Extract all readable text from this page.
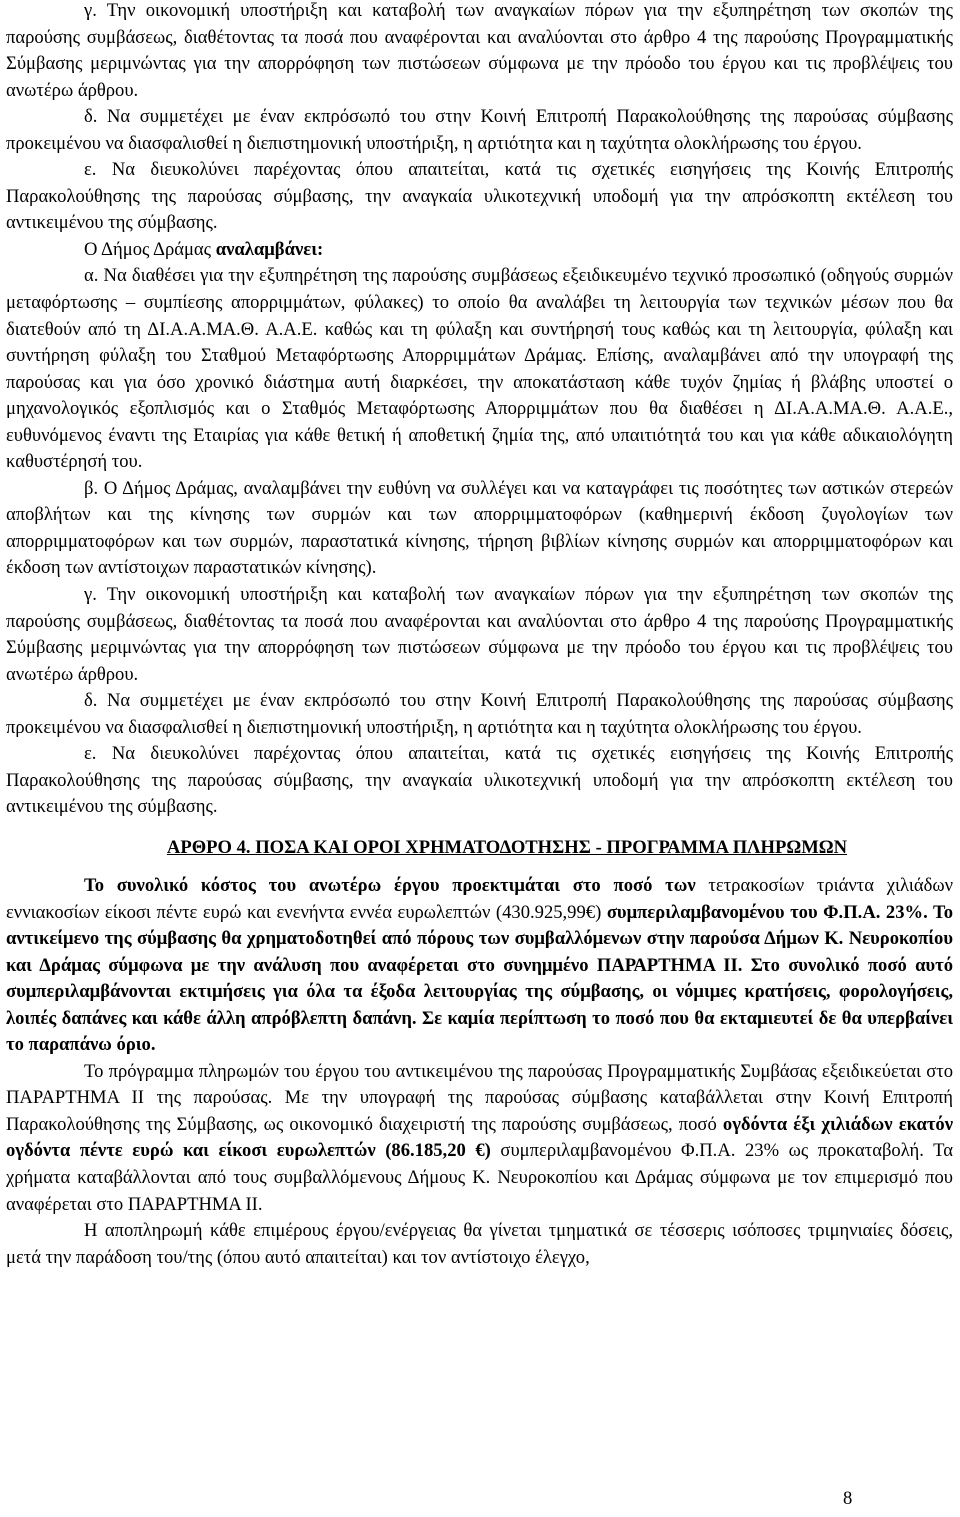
γ. Την οικονομική υποστήριξη και καταβολή των αναγκαίων πόρων για την εξυπηρέτηση των σκοπών της παρούσης συμβάσεως, διαθέτοντας τα ποσά που αναφέρονται και αναλύονται στο άρθρο 4 της παρούσης Προγραμματικής Σύμβασης μεριμνώντας για την απορρόφηση των πιστώσεων σύμφωνα με την πρόοδο του έργου και τις προβλέψεις του ανωτέρω άρθρου.

δ. Να συμμετέχει με έναν εκπρόσωπό του στην Κοινή Επιτροπή Παρακολούθησης της παρούσας σύμβασης προκειμένου να διασφαλισθεί η διεπιστημονική υποστήριξη, η αρτιότητα και η ταχύτητα ολοκλήρωσης του έργου.

ε. Να διευκολύνει παρέχοντας όπου απαιτείται, κατά τις σχετικές εισηγήσεις της Κοινής Επιτροπής Παρακολούθησης της παρούσας σύμβασης, την αναγκαία υλικοτεχνική υποδομή για την απρόσκοπτη εκτέλεση του αντικειμένου της σύμβασης.

Ο Δήμος Δράμας αναλαμβάνει:

α. Να διαθέσει για την εξυπηρέτηση της παρούσης συμβάσεως εξειδικευμένο τεχνικό προσωπικό (οδηγούς συρμών μεταφόρτωσης – συμπίεσης απορριμμάτων, φύλακες) το οποίο θα αναλάβει τη λειτουργία των τεχνικών μέσων που θα διατεθούν από τη ΔΙ.Α.Α.ΜΑ.Θ. Α.Α.Ε. καθώς και τη φύλαξη και συντήρησή τους καθώς και τη λειτουργία, φύλαξη και συντήρηση φύλαξη του Σταθμού Μεταφόρτωσης Απορριμμάτων Δράμας. Επίσης, αναλαμβάνει από την υπογραφή της παρούσας και για όσο χρονικό διάστημα αυτή διαρκέσει, την αποκατάσταση κάθε τυχόν ζημίας ή βλάβης υποστεί ο μηχανολογικός εξοπλισμός και ο Σταθμός Μεταφόρτωσης Απορριμμάτων που θα διαθέσει η ΔΙ.Α.Α.ΜΑ.Θ. Α.Α.Ε., ευθυνόμενος έναντι της Εταιρίας για κάθε θετική ή αποθετική ζημία της, από υπαιτιότητά του και για κάθε αδικαιολόγητη καθυστέρησή του.

β. Ο Δήμος Δράμας, αναλαμβάνει την ευθύνη να συλλέγει και να καταγράφει τις ποσότητες των αστικών στερεών αποβλήτων και της κίνησης των συρμών και των απορριμματοφόρων (καθημερινή έκδοση ζυγολογίων των απορριμματοφόρων και των συρμών, παραστατικά κίνησης, τήρηση βιβλίων κίνησης συρμών και απορριμματοφόρων και έκδοση των αντίστοιχων παραστατικών κίνησης).

γ. Την οικονομική υποστήριξη και καταβολή των αναγκαίων πόρων για την εξυπηρέτηση των σκοπών της παρούσης συμβάσεως, διαθέτοντας τα ποσά που αναφέρονται και αναλύονται στο άρθρο 4 της παρούσης Προγραμματικής Σύμβασης μεριμνώντας για την απορρόφηση των πιστώσεων σύμφωνα με την πρόοδο του έργου και τις προβλέψεις του ανωτέρω άρθρου.

δ. Να συμμετέχει με έναν εκπρόσωπό του στην Κοινή Επιτροπή Παρακολούθησης της παρούσας σύμβασης προκειμένου να διασφαλισθεί η διεπιστημονική υποστήριξη, η αρτιότητα και η ταχύτητα ολοκλήρωσης του έργου.

ε. Να διευκολύνει παρέχοντας όπου απαιτείται, κατά τις σχετικές εισηγήσεις της Κοινής Επιτροπής Παρακολούθησης της παρούσας σύμβασης, την αναγκαία υλικοτεχνική υποδομή για την απρόσκοπτη εκτέλεση του αντικειμένου της σύμβασης.

ΑΡΘΡΟ 4. ΠΟΣΑ ΚΑΙ ΟΡΟΙ ΧΡΗΜΑΤΟΔΟΤΗΣΗΣ - ΠΡΟΓΡΑΜΜΑ ΠΛΗΡΩΜΩΝ

Το συνολικό κόστος του ανωτέρω έργου προεκτιμάται στο ποσό των τετρακοσίων τριάντα χιλιάδων εννιακοσίων είκοσι πέντε ευρώ και ενενήντα εννέα ευρωλεπτών (430.925,99€) συμπεριλαμβανομένου του Φ.Π.Α. 23%. Το αντικείμενο της σύμβασης θα χρηματοδοτηθεί από πόρους των συμβαλλόμενων στην παρούσα Δήμων Κ. Νευροκοπίου και Δράμας σύμφωνα με την ανάλυση που αναφέρεται στο συνημμένο ΠΑΡΑΡΤΗΜΑ ΙΙ. Στο συνολικό ποσό αυτό συμπεριλαμβάνονται εκτιμήσεις για όλα τα έξοδα λειτουργίας της σύμβασης, οι νόμιμες κρατήσεις, φορολογήσεις, λοιπές δαπάνες και κάθε άλλη απρόβλεπτη δαπάνη. Σε καμία περίπτωση το ποσό που θα εκταμιευτεί δε θα υπερβαίνει το παραπάνω όριο.

Το πρόγραμμα πληρωμών του έργου του αντικειμένου της παρούσας Προγραμματικής Συμβάσας εξειδικεύεται στο ΠΑΡΑΡΤΗΜΑ ΙΙ της παρούσας. Με την υπογραφή της παρούσας σύμβασης καταβάλλεται στην Κοινή Επιτροπή Παρακολούθησης της Σύμβασης, ως οικονομικό διαχειριστή της παρούσης συμβάσεως, ποσό ογδόντα έξι χιλιάδων εκατόν ογδόντα πέντε ευρώ και είκοσι ευρωλεπτών (86.185,20 €) συμπεριλαμβανομένου Φ.Π.Α. 23% ως προκαταβολή. Τα χρήματα καταβάλλονται από τους συμβαλλόμενους Δήμους Κ. Νευροκοπίου και Δράμας σύμφωνα με τον επιμερισμό που αναφέρεται στο ΠΑΡΑΡΤΗΜΑ ΙΙ.

Η αποπληρωμή κάθε επιμέρους έργου/ενέργειας θα γίνεται τμηματικά σε τέσσερις ισόποσες τριμηνιαίες δόσεις, μετά την παράδοση του/της (όπου αυτό απαιτείται) και τον αντίστοιχο έλεγχο,

8
